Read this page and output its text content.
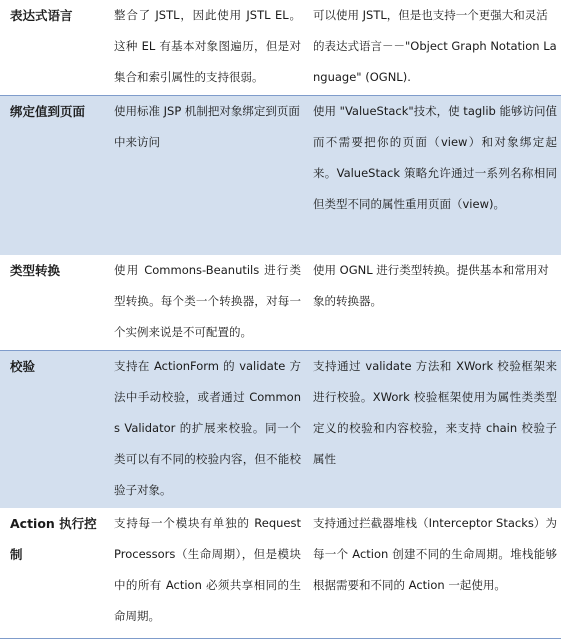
表达式语言	整合了 JSTL，因此使用 JSTL EL。这种 EL 有基本对象图遍历，但是对集合和索引属性的支持很弱。	可以使用 JSTL，但是也支持一个更强大和灵活的表达式语言－－"Object Graph Notation Language" (OGNL).
绑定值到页面	使用标准 JSP 机制把对象绑定到页面中来访问	使用 "ValueStack"技术，使 taglib 能够访问值而不需要把你的页面（view）和对象绑定起来。ValueStack 策略允许通过一系列名称相同但类型不同的属性重用页面（view)。
类型转换	使用 Commons-Beanutils 进行类型转换。每个类一个转换器，对每一个实例来说是不可配置的。	使用 OGNL 进行类型转换。提供基本和常用对象的转换器。
校验	支持在 ActionForm 的 validate 方法中手动校验，或者通过 Commons Validator 的扩展来校验。同一个类可以有不同的校验内容，但不能校验子对象。	支持通过 validate 方法和 XWork 校验框架来进行校验。XWork 校验框架使用为属性类类型定义的校验和内容校验，来支持 chain 校验子属性
Action 执行控制	支持每一个模块有单独的 Request Processors（生命周期），但是模块中的所有 Action 必须共享相同的生命周期。	支持通过拦截器堆栈（Interceptor Stacks）为每一个 Action 创建不同的生命周期。堆栈能够根据需要和不同的 Action 一起使用。
